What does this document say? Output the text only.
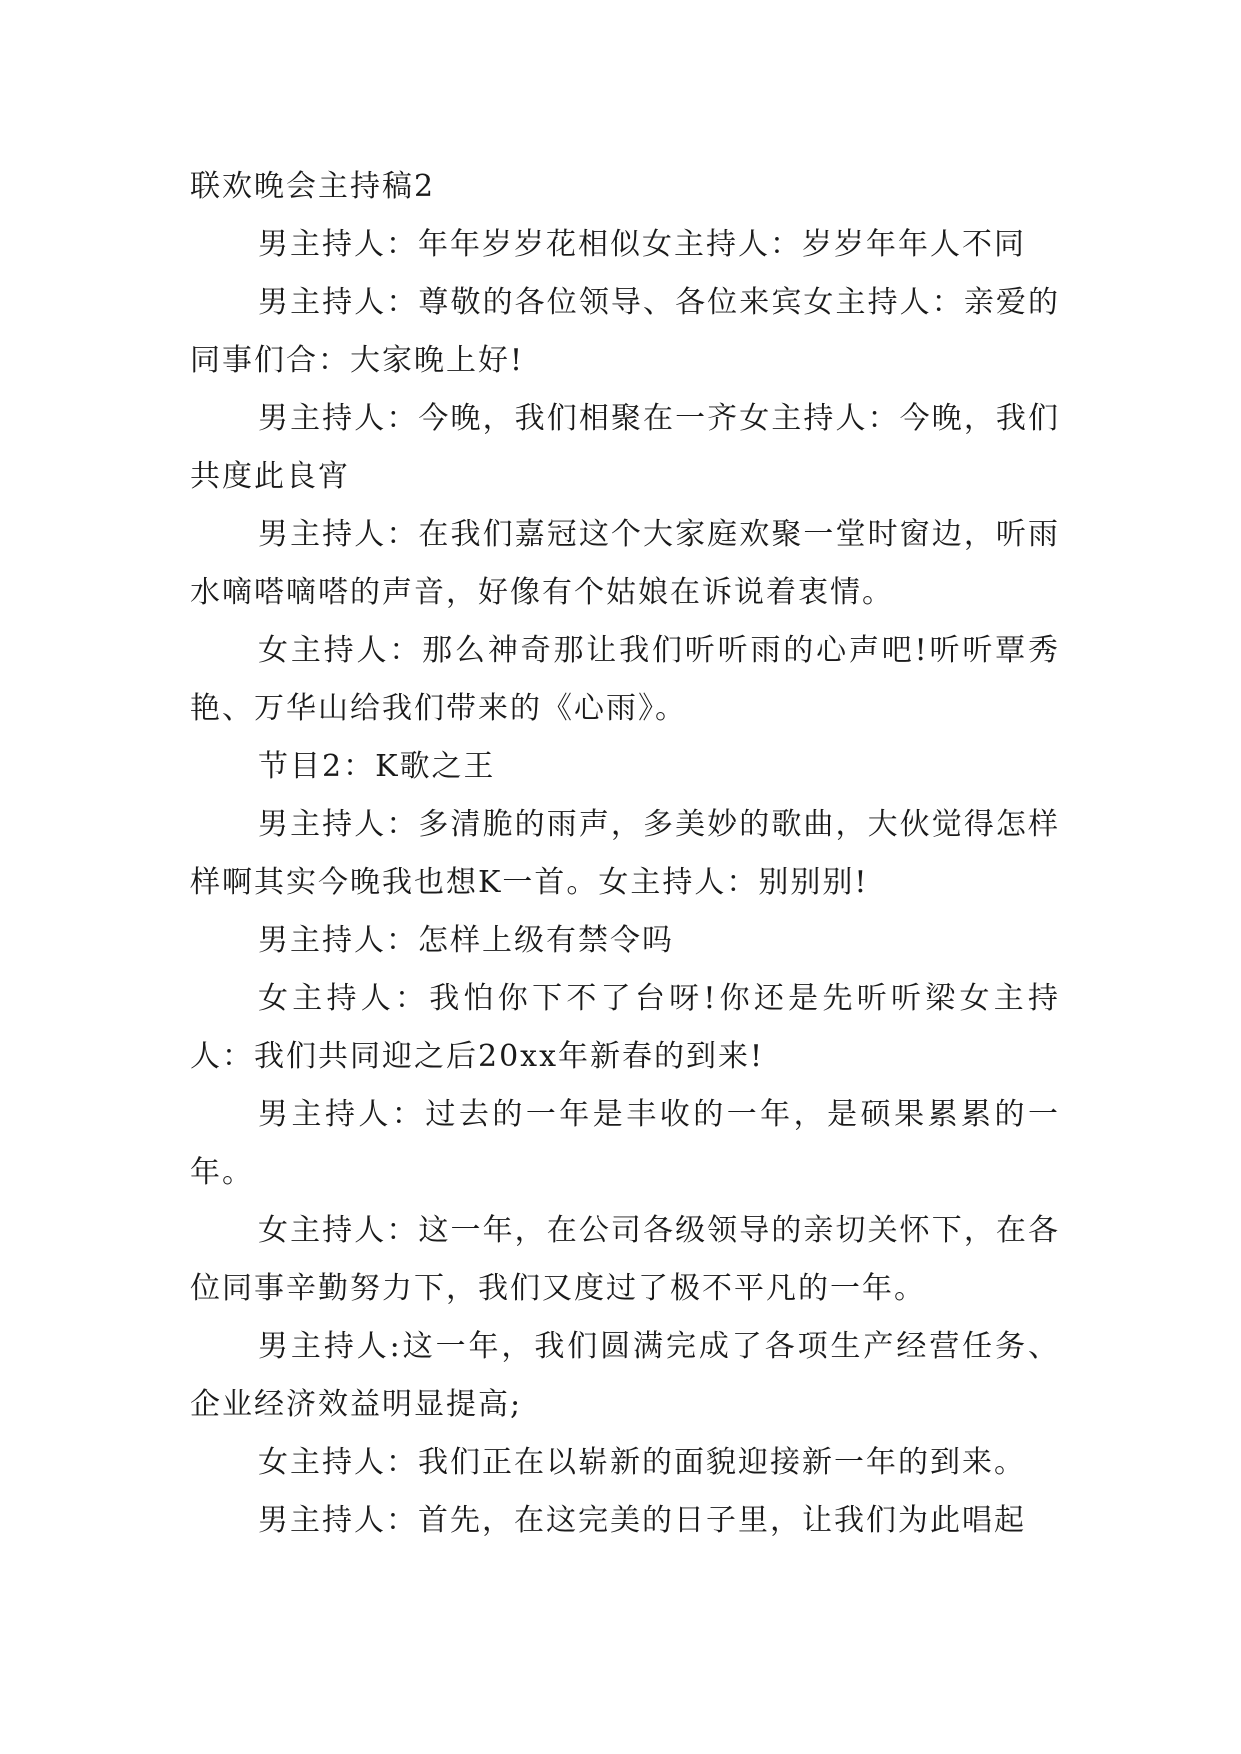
联欢晚会主持稿2

男主持人：年年岁岁花相似女主持人：岁岁年年人不同

男主持人：尊敬的各位领导、各位来宾女主持人：亲爱的同事们合：大家晚上好!

男主持人：今晚，我们相聚在一齐女主持人：今晚，我们共度此良宵

男主持人：在我们嘉冠这个大家庭欢聚一堂时窗边，听雨水嘀嗒嘀嗒的声音，好像有个姑娘在诉说着衷情。

女主持人：那么神奇那让我们听听雨的心声吧!听听覃秀艳、万华山给我们带来的《心雨》。

节目2：K歌之王

男主持人：多清脆的雨声，多美妙的歌曲，大伙觉得怎样样啊其实今晚我也想K一首。女主持人：别别别!

男主持人：怎样上级有禁令吗

女主持人：我怕你下不了台呀!你还是先听听梁女主持人：我们共同迎之后20xx年新春的到来!

男主持人：过去的一年是丰收的一年，是硕果累累的一年。

女主持人：这一年，在公司各级领导的亲切关怀下，在各位同事辛勤努力下，我们又度过了极不平凡的一年。

男主持人:这一年，我们圆满完成了各项生产经营任务、企业经济效益明显提高;

女主持人：我们正在以崭新的面貌迎接新一年的到来。

男主持人：首先，在这完美的日子里，让我们为此唱起
